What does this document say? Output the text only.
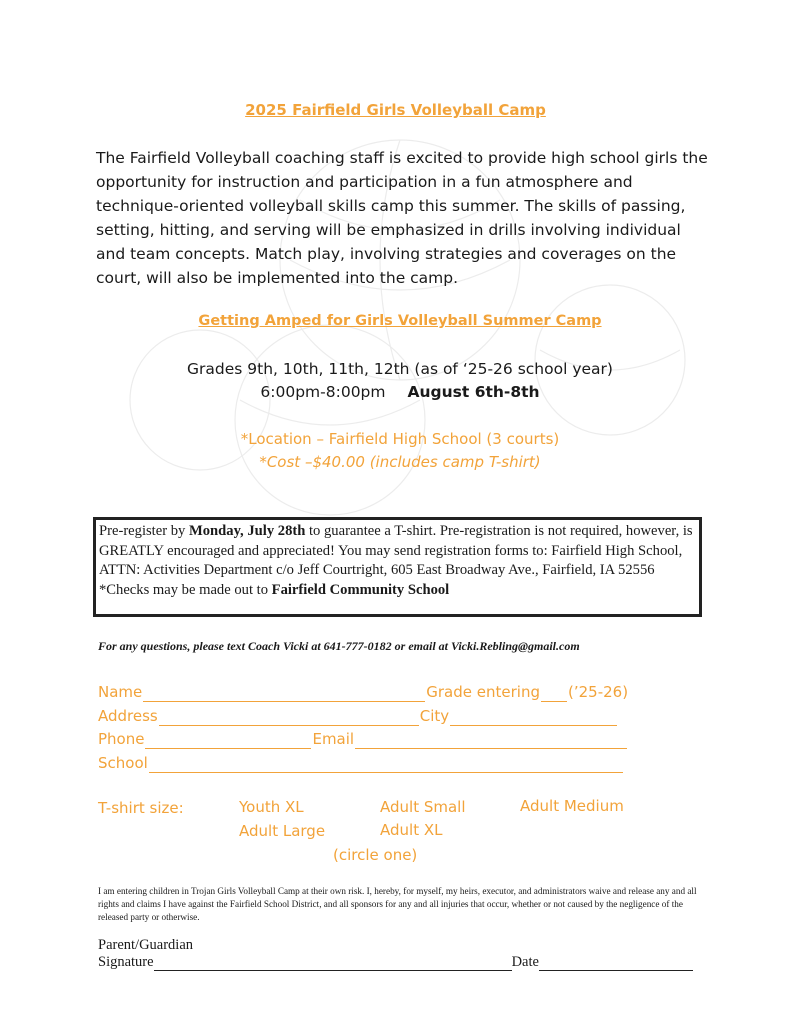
2025 Fairfield Girls Volleyball Camp

The Fairfield Volleyball coaching staff is excited to provide high school girls the opportunity for instruction and participation in a fun atmosphere and technique-oriented volleyball skills camp this summer. The skills of passing, setting, hitting, and serving will be emphasized in drills involving individual and team concepts. Match play, involving strategies and coverages on the court, will also be implemented into the camp.

Getting Amped for Girls Volleyball Summer Camp
Grades 9th, 10th, 11th, 12th (as of ‘25-26 school year)
6:00pm-8:00pm August 6th-8th
*Location – Fairfield High School (3 courts)
*Cost –$40.00 (includes camp T-shirt)
Pre-register by Monday, July 28th to guarantee a T-shirt. Pre-registration is not required, however, is GREATLY encouraged and appreciated! You may send registration forms to: Fairfield High School, ATTN: Activities Department c/o Jeff Courtright, 605 East Broadway Ave., Fairfield, IA 52556
*Checks may be made out to Fairfield Community School
For any questions, please text Coach Vicki at 641-777-0182 or email at Vicki.Rebling@gmail.com
Name	Grade entering (’25-26)
Address	City
Phone	Email
School
T-shirt size:	Youth XL	Adult Small	Adult Medium
Adult Large	Adult XL
(circle one)

I am entering children in Trojan Girls Volleyball Camp at their own risk. I, hereby, for myself, my heirs, executor, and administrators waive and release any and all rights and claims I have against the Fairfield School District, and all sponsors for any and all injuries that occur, whether or not caused by the negligence of the released party or otherwise.

Parent/Guardian
Signature	Date
